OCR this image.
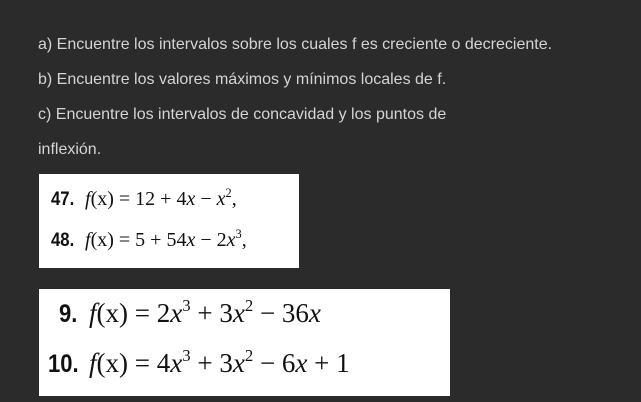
a) Encuentre los intervalos sobre los cuales f es creciente o decreciente.
b) Encuentre los valores máximos y mínimos locales de f.
c) Encuentre los intervalos de concavidad y los puntos de
inflexión.
47. $f(x) = 12 + 4x - x^2$,
48. $f(x) = 5 + 54x - 2x^3$,
9. $f(x) = 2x^3 + 3x^2 - 36x$
10. $f(x) = 4x^3 + 3x^2 - 6x + 1$
